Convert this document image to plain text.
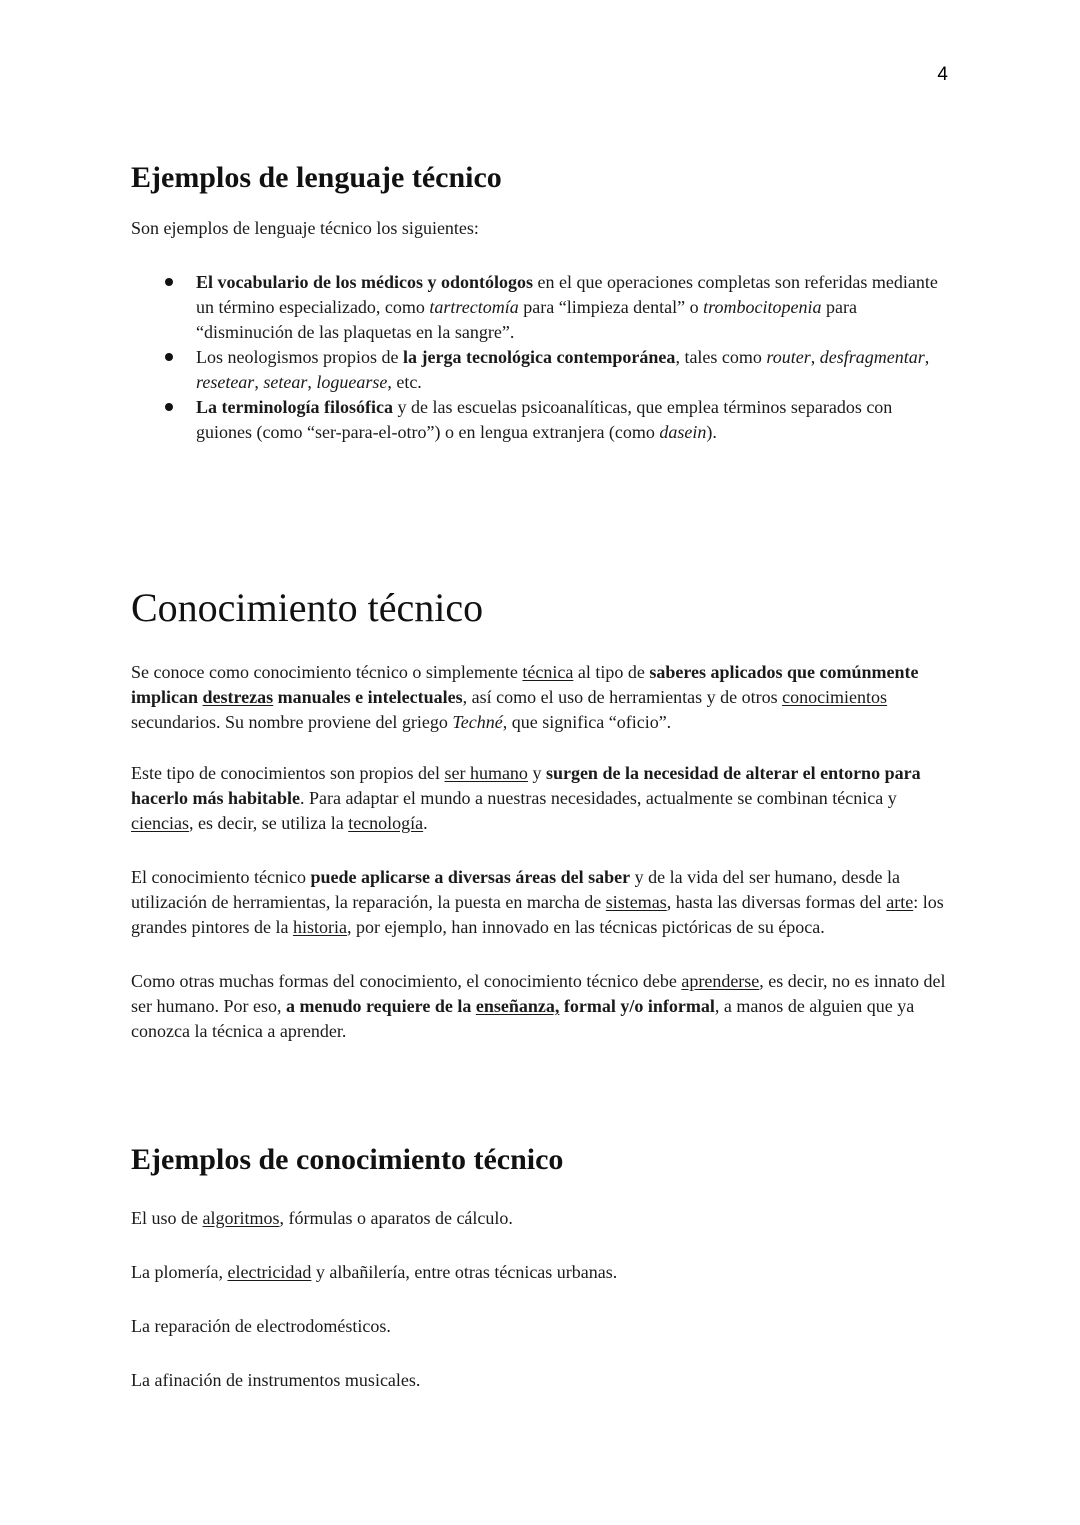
4
Ejemplos de lenguaje técnico

Son ejemplos de lenguaje técnico los siguientes:

El vocabulario de los médicos y odontólogos en el que operaciones completas son referidas mediante un término especializado, como tartrectomía para “limpieza dental” o trombocitopenia para “disminución de las plaquetas en la sangre”.
Los neologismos propios de la jerga tecnológica contemporánea, tales como router, desfragmentar, resetear, setear, loguearse, etc.
La terminología filosófica y de las escuelas psicoanalíticas, que emplea términos separados con guiones (como “ser-para-el-otro”) o en lengua extranjera (como dasein).
Conocimiento técnico

Se conoce como conocimiento técnico o simplemente técnica al tipo de saberes aplicados que comúnmente implican destrezas manuales e intelectuales, así como el uso de herramientas y de otros conocimientos secundarios. Su nombre proviene del griego Techné, que significa “oficio”.

Este tipo de conocimientos son propios del ser humano y surgen de la necesidad de alterar el entorno para hacerlo más habitable. Para adaptar el mundo a nuestras necesidades, actualmente se combinan técnica y ciencias, es decir, se utiliza la tecnología.

El conocimiento técnico puede aplicarse a diversas áreas del saber y de la vida del ser humano, desde la utilización de herramientas, la reparación, la puesta en marcha de sistemas, hasta las diversas formas del arte: los grandes pintores de la historia, por ejemplo, han innovado en las técnicas pictóricas de su época.

Como otras muchas formas del conocimiento, el conocimiento técnico debe aprenderse, es decir, no es innato del ser humano. Por eso, a menudo requiere de la enseñanza, formal y/o informal, a manos de alguien que ya conozca la técnica a aprender.

Ejemplos de conocimiento técnico

El uso de algoritmos, fórmulas o aparatos de cálculo.

La plomería, electricidad y albañilería, entre otras técnicas urbanas.

La reparación de electrodomésticos.

La afinación de instrumentos musicales.
